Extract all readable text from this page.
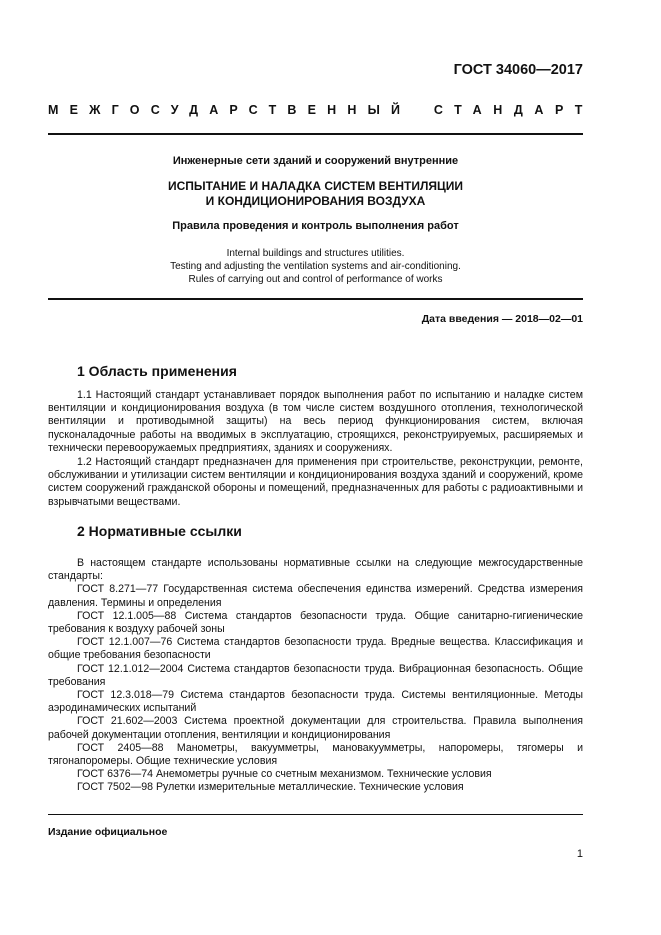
ГОСТ 34060—2017
МЕЖГОСУДАРСТВЕННЫЙ СТАНДАРТ
Инженерные сети зданий и сооружений внутренние
ИСПЫТАНИЕ И НАЛАДКА СИСТЕМ ВЕНТИЛЯЦИИ
И КОНДИЦИОНИРОВАНИЯ ВОЗДУХА
Правила проведения и контроль выполнения работ
Internal buildings and structures utilities.
Testing and adjusting the ventilation systems and air-conditioning.
Rules of carrying out and control of performance of works
Дата введения — 2018—02—01
1 Область применения
1.1 Настоящий стандарт устанавливает порядок выполнения работ по испытанию и наладке систем вентиляции и кондиционирования воздуха (в том числе систем воздушного отопления, технологической вентиляции и противодымной защиты) на весь период функционирования систем, включая пусконаладочные работы на вводимых в эксплуатацию, строящихся, реконструируемых, расширяемых и технически перевооружаемых предприятиях, зданиях и сооружениях.
1.2 Настоящий стандарт предназначен для применения при строительстве, реконструкции, ремонте, обслуживании и утилизации систем вентиляции и кондиционирования воздуха зданий и сооружений, кроме систем сооружений гражданской обороны и помещений, предназначенных для работы с радиоактивными и взрывчатыми веществами.
2 Нормативные ссылки

В настоящем стандарте использованы нормативные ссылки на следующие межгосударственные стандарты:

ГОСТ 8.271—77 Государственная система обеспечения единства измерений. Средства измерения давления. Термины и определения

ГОСТ 12.1.005—88 Система стандартов безопасности труда. Общие санитарно-гигиенические требования к воздуху рабочей зоны

ГОСТ 12.1.007—76 Система стандартов безопасности труда. Вредные вещества. Классификация и общие требования безопасности

ГОСТ 12.1.012—2004 Система стандартов безопасности труда. Вибрационная безопасность. Общие требования

ГОСТ 12.3.018—79 Система стандартов безопасности труда. Системы вентиляционные. Методы аэродинамических испытаний

ГОСТ 21.602—2003 Система проектной документации для строительства. Правила выполнения рабочей документации отопления, вентиляции и кондиционирования

ГОСТ 2405—88 Манометры, вакуумметры, мановакуумметры, напоромеры, тягомеры и тягонапоромеры. Общие технические условия

ГОСТ 6376—74 Анемометры ручные со счетным механизмом. Технические условия

ГОСТ 7502—98 Рулетки измерительные металлические. Технические условия

Издание официальное
1
